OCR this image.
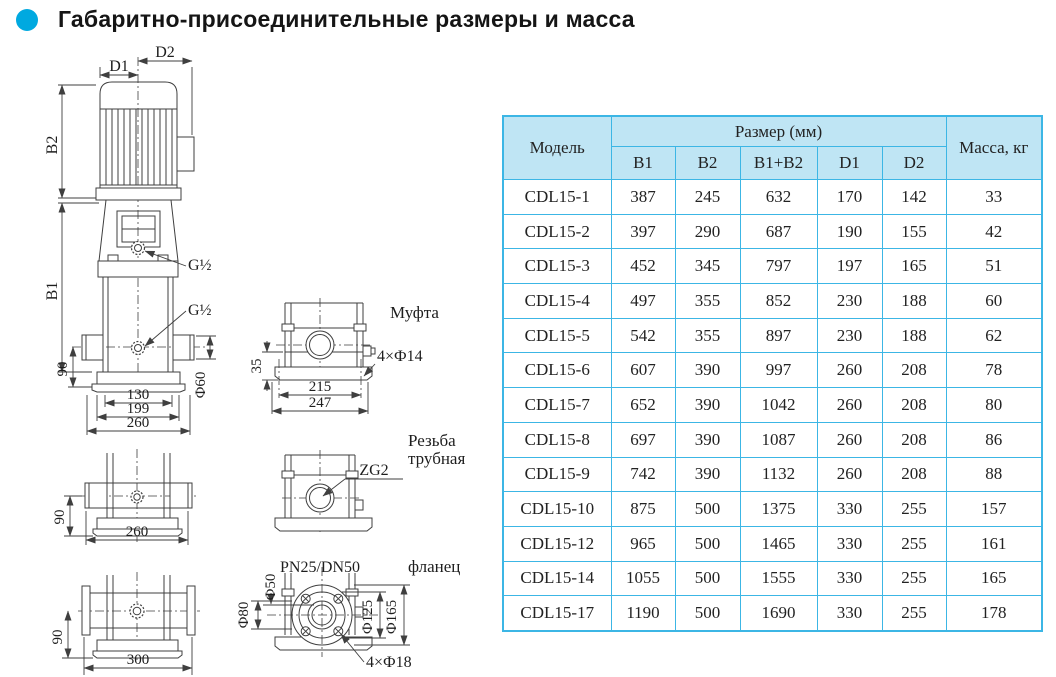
Габаритно-присоединительные размеры и масса
D1
D2
B2
B1
G½
G½
90
Ф60
130
199
260
Муфта
4×Ф14
35
215
247
ZG2
Резьба
трубная
PN25/DN50	фланец
Ф50
Ф80	Ф125 Ф165
4×Ф18
90
260
90
300
Модель	Размер (мм)					Масса, кг
	B1	B2	B1+B2	D1	D2	
CDL15-1	387	245	632	170	142	33
CDL15-2	397	290	687	190	155	42
CDL15-3	452	345	797	197	165	51
CDL15-4	497	355	852	230	188	60
CDL15-5	542	355	897	230	188	62
CDL15-6	607	390	997	260	208	78
CDL15-7	652	390	1042	260	208	80
CDL15-8	697	390	1087	260	208	86
CDL15-9	742	390	1132	260	208	88
CDL15-10	875	500	1375	330	255	157
CDL15-12	965	500	1465	330	255	161
CDL15-14	1055	500	1555	330	255	165
CDL15-17	1190	500	1690	330	255	178
